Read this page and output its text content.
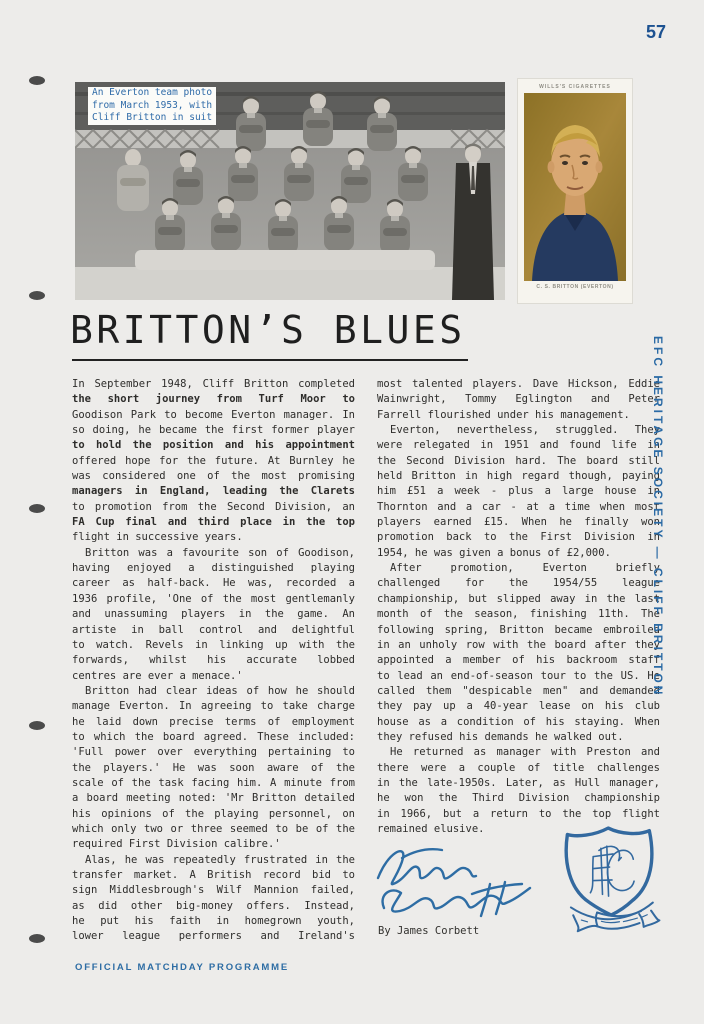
57
An Everton team photo
from March 1953, with
Cliff Britton in suit
WILLS'S CIGARETTES
C. S. BRITTON (EVERTON)
BRITTON’S BLUES
In September 1948, Cliff Britton completed
the short journey from Turf Moor to
Goodison Park to become Everton manager. In
so doing, he became the first former player
to hold the position and his appointment
offered hope for the future. At Burnley he
was considered one of the most promising
managers in England, leading the Clarets
to promotion from the Second Division, an
FA Cup final and third place in the top
flight in successive years.
Britton was a favourite son of Goodison,
having enjoyed a distinguished playing
career as half-back. He was, recorded a
1936 profile, 'One of the most gentlemanly
and unassuming players in the game. An
artiste in ball control and delightful
to watch. Revels in linking up with the
forwards, whilst his accurate lobbed
centres are ever a menace.'
Britton had clear ideas of how he should
manage Everton. In agreeing to take charge
he laid down precise terms of employment
to which the board agreed. These included:
'Full power over everything pertaining to
the players.' He was soon aware of the
scale of the task facing him. A minute from
a board meeting noted: 'Mr Britton detailed
his opinions of the playing personnel, on
which only two or three seemed to be of the
required First Division calibre.'
Alas, he was repeatedly frustrated in the
transfer market. A British record bid to
sign Middlesbrough's Wilf Mannion failed,
as did other big-money offers. Instead,
he put his faith in homegrown youth,
lower league performers and Ireland's
most talented players. Dave Hickson, Eddie
Wainwright, Tommy Eglington and Peter
Farrell flourished under his management.
Everton, nevertheless, struggled. They
were relegated in 1951 and found life in
the Second Division hard. The board still
held Britton in high regard though, paying
him £51 a week - plus a large house in
Thornton and a car - at a time when most
players earned £15. When he finally won
promotion back to the First Division in
1954, he was given a bonus of £2,000.
After promotion, Everton briefly
challenged for the 1954/55 league
championship, but slipped away in the last
month of the season, finishing 11th. The
following spring, Britton became embroiled
in an unholy row with the board after they
appointed a member of his backroom staff
to lead an end-of-season tour to the US. He
called them "despicable men" and demanded
they pay up a 40-year lease on his club
house as a condition of his staying. When
they refused his demands he walked out.
He returned as manager with Preston and
there were a couple of title challenges
in the late-1950s. Later, as Hull manager,
he won the Third Division championship
in 1966, but a return to the top flight
remained elusive.
By James Corbett
EFC HERITAGE SOCIETY — CLIFF BRITTON
OFFICIAL MATCHDAY PROGRAMME
